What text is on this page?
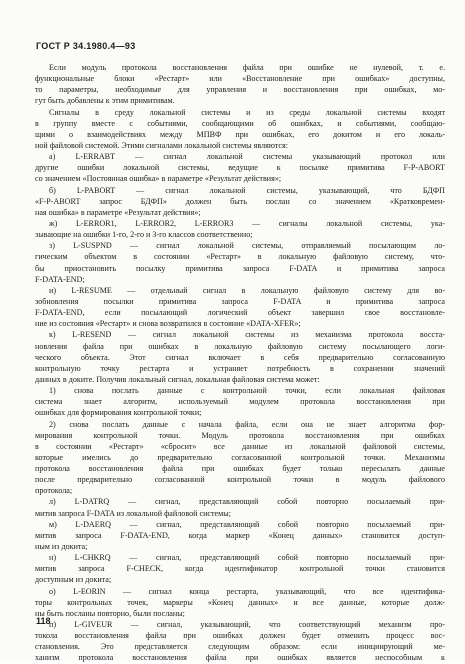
ГОСТ Р 34.1980.4—93
Если модуль протокола восстановления файла при ошибке не нулевой, т. е.
функциональные блоки «Рестарт» или «Восстановление при ошибках» доступны,
то параметры, необходимые для управления и восстановления при ошибках, мо-
гут быть добавлены к этим примитивам.
Сигналы в среду локальной системы и из среды локальной системы входят
в группу вместе с событиями, сообщающими об ошибках, и событиями, сообщаю-
щими о взаимодействиях между МПВФ при ошибках, его докитом и его локаль-
ной файловой системой. Этими сигналами локальной системы являются:
а) L-ERRABT — сигнал локальной системы указывающий протокол или
другие ошибки локальной системы, ведущие к посылке примитива F-P-ABORT
со значением «Постоянная ошибка» в параметре «Результат действия»;
б) L-PABORT — сигнал локальной системы, указывающий, что БДФП
«F-P-ABORT запрос БДФП» должен быть послан со значением «Кратковремен-
ная ошибка» в параметре «Результат действия»;
ж) L-ERROR1, L-ERROR2, L-ERROR3 — сигналы локальной системы, ука-
зывающие на ошибки 1-го, 2-го и 3-го классов соответственно;
з) L-SUSPND — сигнал локальной системы, отправляемый посылающим ло-
гическим объектом в состоянии «Рестарт» в локальную файловую систему, что-
бы приостановить посылку примитива запроса F-DATA и примитива запроса
F-DATA-END;
и) L-RESUME — отдельный сигнал в локальную файловую систему для во-
зобновления посылки примитива запроса F-DATA и примитива запроса
F-DATA-END, если посылающий логический объект завершил свое восстановле-
ние из состояния «Рестарт» и снова возвратился в состояние «DATA-XFER»;
к) L-RESEND — сигнал локальной системы из механизма протокола восста-
новления файла при ошибках в локальную файловую систему посылающего логи-
ческого объекта. Этот сигнал включает в себя предварительно согласованную
контрольную точку рестарта и устраняет потребность в сохранении значений
данных в доките. Получив локальный сигнал, локальная файловая система может:
1) снова послать данные с контрольной точки, если локальная файловая
система знает алгоритм, используемый модулем протокола восстановления при
ошибках для формирования контрольной точки;
2) снова послать данные с начала файла, если она не знает алгоритма фор-
мирования контрольной точки. Модуль протокола восстановления при ошибках
в состоянии «Рестарт» «сбросит» все данные из локальной файловой системы,
которые имелись до предварительно согласованной контрольной точки. Механизмы
протокола восстановления файла при ошибках будет только пересылать данные
после предварительно согласованной контрольной точки в модуль файлового
протокола;
л) L-DATRQ — сигнал, представляющий собой повторно посылаемый при-
митив запроса F-DATA из локальной файловой системы;
м) L-DAERQ — сигнал, представляющий собой повторно посылаемый при-
митив запроса F-DATA-END, когда маркер «Конец данных» становится доступ-
ным из докита;
н) L-CHKRQ — сигнал, представляющий собой повторно посылаемый при-
митив запроса F-CHECK, когда идентификатор контрольной точки становится
доступным из докита;
о) L-EORIN — сигнал конца рестарта, указывающий, что все идентифика-
торы контрольных точек, маркеры «Конец данных» и все данные, которые долж-
ны быть посланы повторно, были посланы;
п) L-GIVEUR — сигнал, указывающий, что соответствующий механизм про-
токола восстановления файла при ошибках должен будет отменить процесс вос-
становления. Это представляется следующим образом: если инициирующий ме-
ханизм протокола восстановления файла при ошибках является неспособным к
118
